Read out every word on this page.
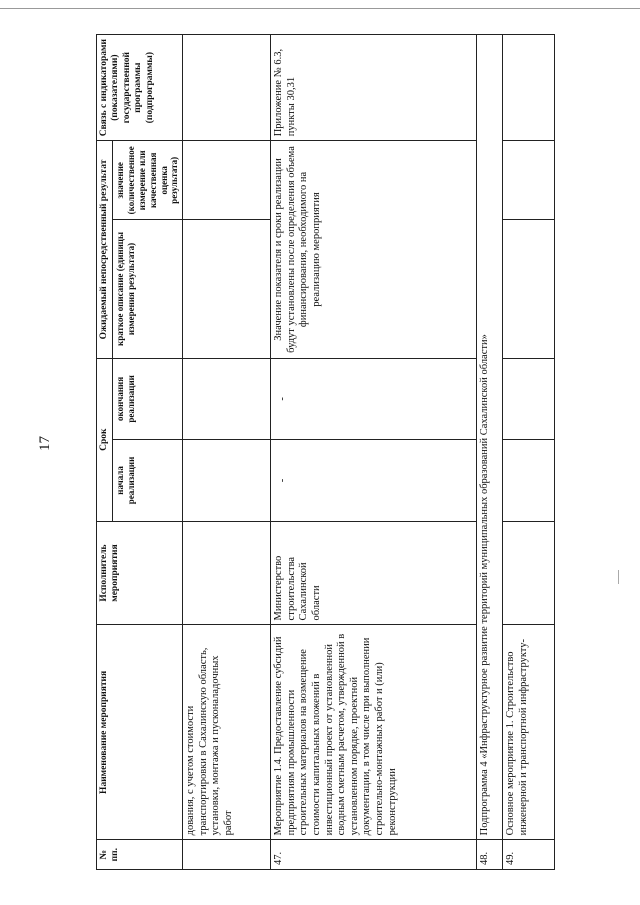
17
№ пп.	Наименование мероприятия	Исполнитель мероприятия	Срок		Ожидаемый непосредственный результат		Связь с индикаторами (показателями) государственной программы (подпрограммы)
			начала реализации	окончания реализации	краткое описание (единицы измерения результата)	значение (количественное измерение или качественная оценка результата)	
	дования, с учетом стоимости транспортировки в Сахалинскую область, установки, монтажа и пусконаладочных работ						
47.	Мероприятие 1.4. Предоставление субсидий предприятиям промышленности строительных материалов на возмещение стоимости капитальных вложений в инвестиционный проект от установленной сводным сметным расчетом, утвержденной в установленном порядке, проектной документации, в том числе при выполнении строительно-монтажных работ и (или) реконструкции	Министерство строительства Сахалинской области	-	-	Значение показателя и сроки реализации будут установлены после определения объема финансирования, необходимого на реализацию мероприятия		Приложение № 6.3, пункты 30,31
48.	Подпрограмма 4 «Инфраструктурное развитие территорий муниципальных образований Сахалинской области»						
49.	Основное мероприятие 1. Строительство инженерной и транспортной инфраструкту-						
